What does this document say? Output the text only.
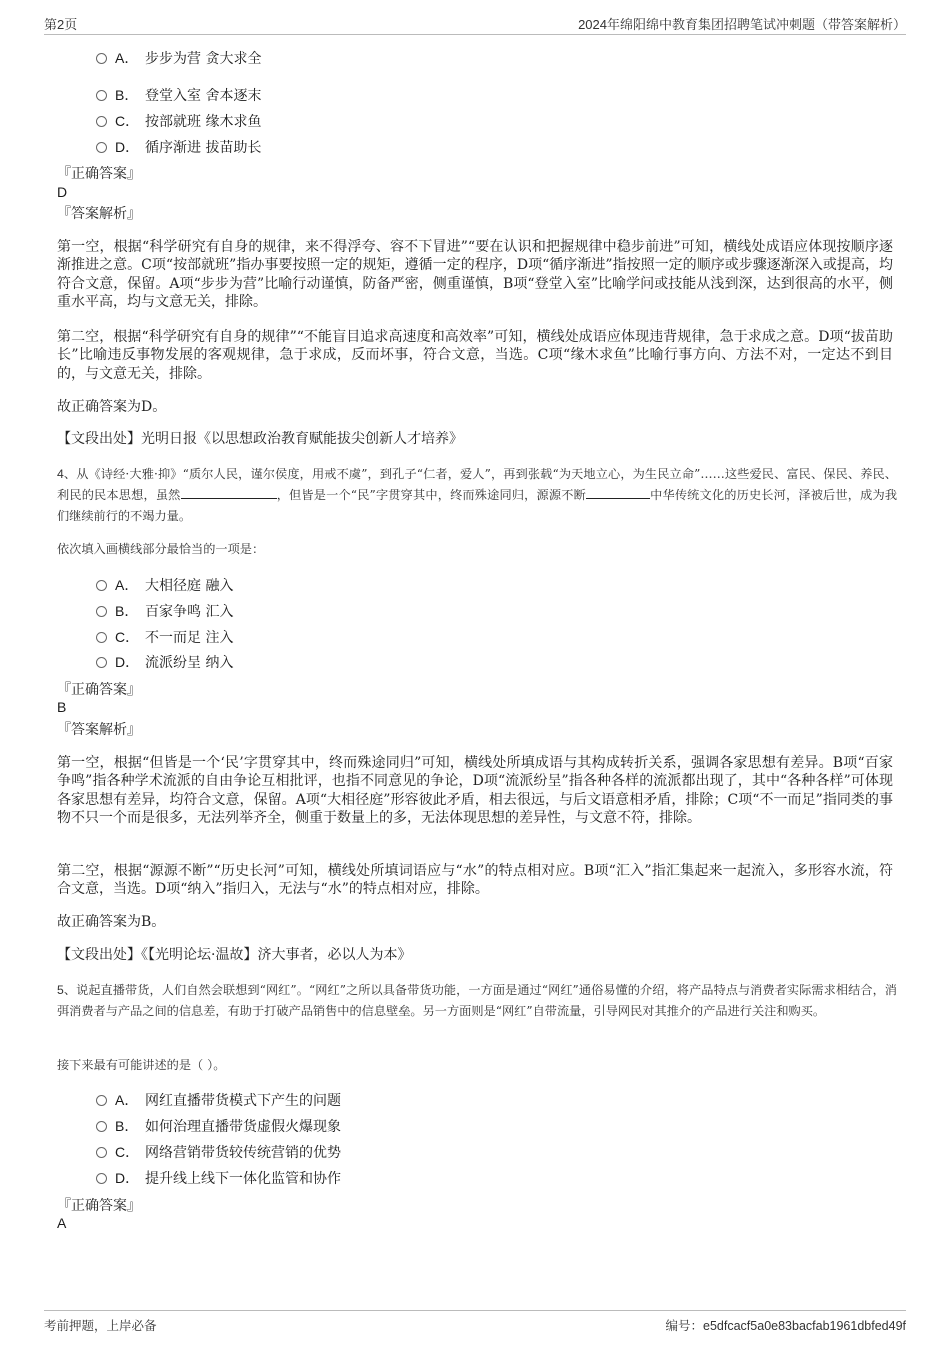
第2页	2024年绵阳绵中教育集团招聘笔试冲刺题（带答案解析）
A． 步步为营 贪大求全
B． 登堂入室 舍本逐末
C． 按部就班 缘木求鱼
D． 循序渐进 拔苗助长
『正确答案』
D
『答案解析』
第一空，根据“科学研究有自身的规律，来不得浮夸、容不下冒进”“要在认识和把握规律中稳步前进”可知，横线处成语应体现按顺序逐渐推进之意。C项“按部就班”指办事要按照一定的规矩，遵循一定的程序，D项“循序渐进”指按照一定的顺序或步骤逐渐深入或提高，均符合文意，保留。A项“步步为营”比喻行动谨慎，防备严密，侧重谨慎，B项“登堂入室”比喻学问或技能从浅到深，达到很高的水平，侧重水平高，均与文意无关，排除。
第二空，根据“科学研究有自身的规律”“不能盲目追求高速度和高效率”可知，横线处成语应体现违背规律，急于求成之意。D项“拔苗助长”比喻违反事物发展的客观规律，急于求成，反而坏事，符合文意，当选。C项“缘木求鱼”比喻行事方向、方法不对，一定达不到目的，与文意无关，排除。
故正确答案为D。
【文段出处】光明日报《以思想政治教育赋能拔尖创新人才培养》
4、从《诗经·大雅·抑》“质尔人民，谨尔侯度，用戒不虞”，到孔子“仁者，爱人”，再到张载“为天地立心，为生民立命”……这些爱民、富民、保民、养民、利民的民本思想，虽然	，但皆是一个“民”字贯穿其中，终而殊途同归，源源不断	中华传统文化的历史长河，泽被后世，成为我们继续前行的不竭力量。
依次填入画横线部分最恰当的一项是：
A． 大相径庭 融入
B． 百家争鸣 汇入
C． 不一而足 注入
D． 流派纷呈 纳入
『正确答案』
B
『答案解析』
第一空，根据“但皆是一个‘民’字贯穿其中，终而殊途同归”可知，横线处所填成语与其构成转折关系，强调各家思想有差异。B项“百家争鸣”指各种学术流派的自由争论互相批评，也指不同意见的争论，D项“流派纷呈”指各种各样的流派都出现了，其中“各种各样”可体现各家思想有差异，均符合文意，保留。A项“大相径庭”形容彼此矛盾，相去很远，与后文语意相矛盾，排除；C项“不一而足”指同类的事物不只一个而是很多，无法列举齐全，侧重于数量上的多，无法体现思想的差异性，与文意不符，排除。
第二空，根据“源源不断”“历史长河”可知，横线处所填词语应与“水”的特点相对应。B项“汇入”指汇集起来一起流入，多形容水流，符合文意，当选。D项“纳入”指归入，无法与“水”的特点相对应，排除。
故正确答案为B。
【文段出处】《【光明论坛·温故】济大事者，必以人为本》
5、说起直播带货，人们自然会联想到“网红”。“网红”之所以具备带货功能，一方面是通过“网红”通俗易懂的介绍，将产品特点与消费者实际需求相结合，消弭消费者与产品之间的信息差，有助于打破产品销售中的信息壁垒。另一方面则是“网红”自带流量，引导网民对其推介的产品进行关注和购买。
接下来最有可能讲述的是（ ）。
A． 网红直播带货模式下产生的问题
B． 如何治理直播带货虚假火爆现象
C． 网络营销带货较传统营销的优势
D． 提升线上线下一体化监管和协作
『正确答案』
A
考前押题，上岸必备	编号：e5dfcacf5a0e83bacfab1961dbfed49f
